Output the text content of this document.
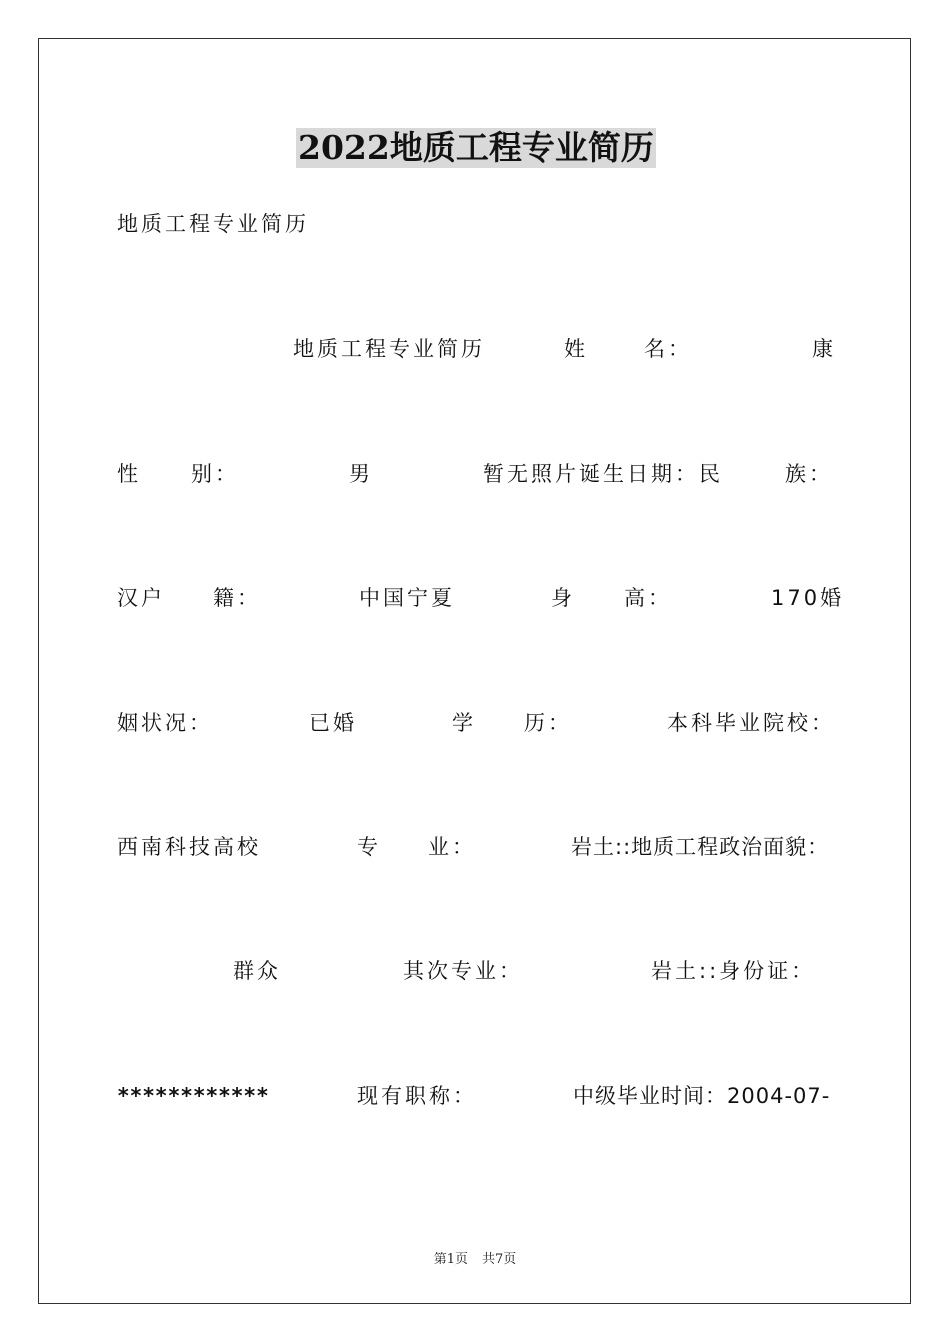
2022地质工程专业简历
地质工程专业简历
地质工程专业简历	姓	名：	康
性 别：	男	暂无照片诞生日期：民	族：
汉户 籍：	中国宁夏	身 高：	170婚
姻状况：	已婚	学 历：	本科毕业院校：
西南科技高校	专 业：	岩土::地质工程政治面貌：
群众	其次专业：	岩土::身份证：
************	现有职称：	中级毕业时间：2004-07-
第1页 共7页
